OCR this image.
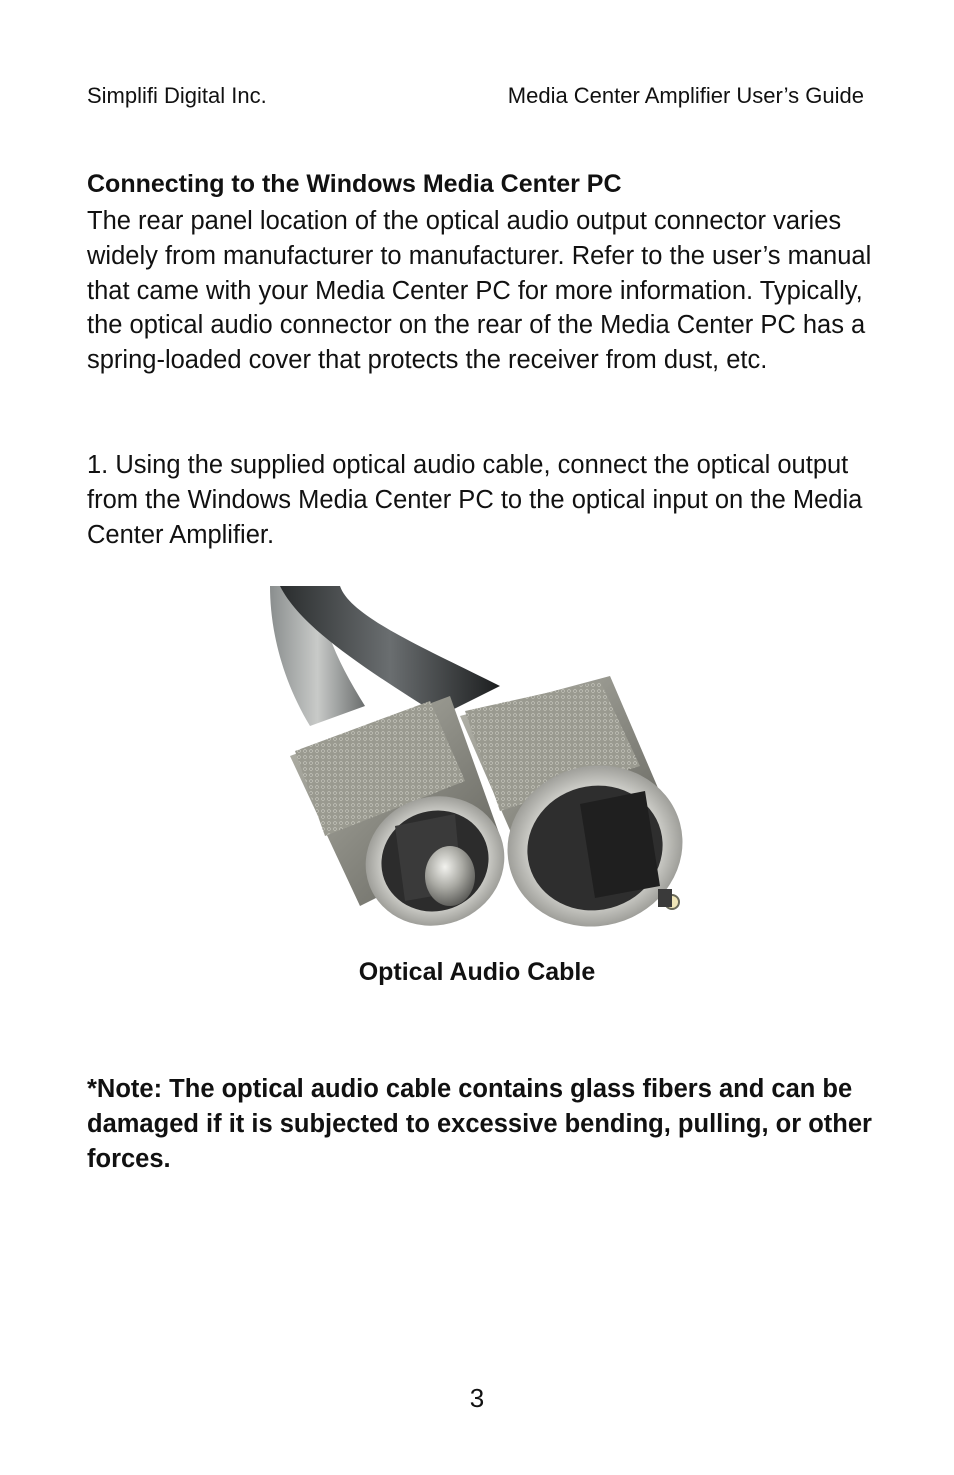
Simplifi Digital Inc.	Media Center Amplifier User’s Guide
Connecting to the Windows Media Center PC
The rear panel location of the optical audio output connector varies widely from manufacturer to manufacturer. Refer to the user’s manual that came with your Media Center PC for more information. Typically, the optical audio connector on the rear of the Media Center PC has a spring-loaded cover that protects the receiver from dust, etc.
1. Using the supplied optical audio cable, connect the optical output from the Windows Media Center PC to the optical input on the Media Center Amplifier.
Optical Audio Cable
*Note: The optical audio cable contains glass fibers and can be damaged if it is subjected to excessive bending, pulling, or other forces.
3
